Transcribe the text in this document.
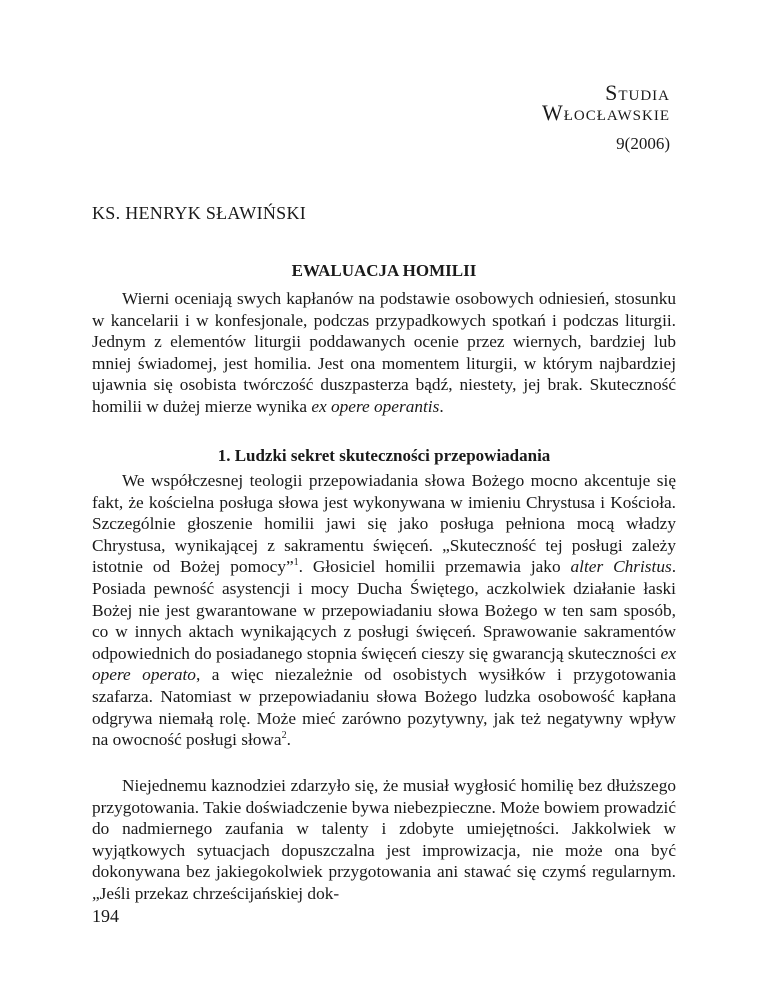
Studia
Włocławskie
9(2006)
KS. HENRYK SŁAWIŃSKI
EWALUACJA HOMILII

Wierni oceniają swych kapłanów na podstawie osobowych odniesień, stosunku w kancelarii i w konfesjonale, podczas przypadkowych spotkań i podczas liturgii. Jednym z elementów liturgii poddawanych ocenie przez wiernych, bardziej lub mniej świadomej, jest homilia. Jest ona momentem liturgii, w którym najbardziej ujawnia się osobista twórczość duszpasterza bądź, niestety, jej brak. Skuteczność homilii w dużej mierze wynika ex opere operantis.

1. Ludzki sekret skuteczności przepowiadania

We współczesnej teologii przepowiadania słowa Bożego mocno akcentuje się fakt, że kościelna posługa słowa jest wykonywana w imieniu Chrystusa i Kościoła. Szczególnie głoszenie homilii jawi się jako posługa pełniona mocą władzy Chrystusa, wynikającej z sakramentu święceń. „Skuteczność tej posługi zależy istotnie od Bożej pomocy”$^1$. Głosiciel homilii przemawia jako alter Christus. Posiada pewność asystencji i mocy Ducha Świętego, aczkolwiek działanie łaski Bożej nie jest gwarantowane w przepowiadaniu słowa Bożego w ten sam sposób, co w innych aktach wynikających z posługi święceń. Sprawowanie sakramentów odpowiednich do posiadanego stopnia święceń cieszy się gwarancją skuteczności ex opere operato, a więc niezależnie od osobistych wysiłków i przygotowania szafarza. Natomiast w przepowiadaniu słowa Bożego ludzka osobowość kapłana odgrywa niemałą rolę. Może mieć zarówno pozytywny, jak też negatywny wpływ na owocność posługi słowa$^2$.

Niejednemu kaznodziei zdarzyło się, że musiał wygłosić homilię bez dłuższego przygotowania. Takie doświadczenie bywa niebezpieczne. Może bowiem prowadzić do nadmiernego zaufania w talenty i zdobyte umiejętności. Jakkolwiek w wyjątkowych sytuacjach dopuszczalna jest improwizacja, nie może ona być dokonywana bez jakiegokolwiek przygotowania ani stawać się czymś regularnym. „Jeśli przekaz chrześcijańskiej dok-

194
